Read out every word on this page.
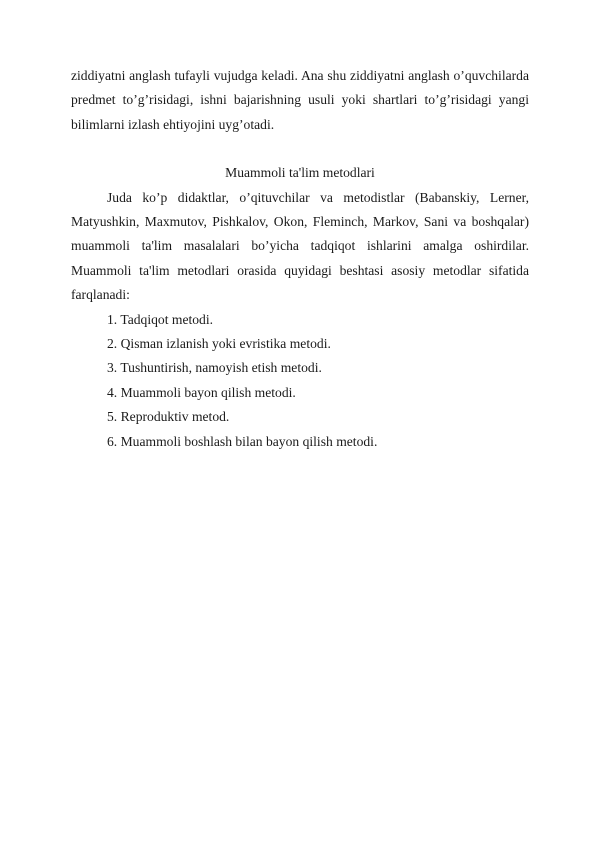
ziddiyatni anglash tufayli vujudga keladi. Ana shu ziddiyatni anglash o’quvchilarda predmet to’g’risidagi, ishni bajarishning usuli yoki shartlari to’g’risidagi yangi bilimlarni izlash ehtiyojini uyg’otadi.

Muammoli ta'lim metodlari

Juda ko’p didaktlar, o’qituvchilar va metodistlar (Babanskiy, Lerner, Matyushkin, Maxmutov, Pishkalov, Okon, Fleminch, Markov, Sani va boshqalar) muammoli ta'lim masalalari bo’yicha tadqiqot ishlarini amalga oshirdilar. Muammoli ta'lim metodlari orasida quyidagi beshtasi asosiy metodlar sifatida farqlanadi:

1. Tadqiqot metodi.
2. Qisman izlanish yoki evristika metodi.
3. Tushuntirish, namoyish etish metodi.
4. Muammoli bayon qilish metodi.
5. Reproduktiv metod.
6. Muammoli boshlash bilan bayon qilish metodi.
